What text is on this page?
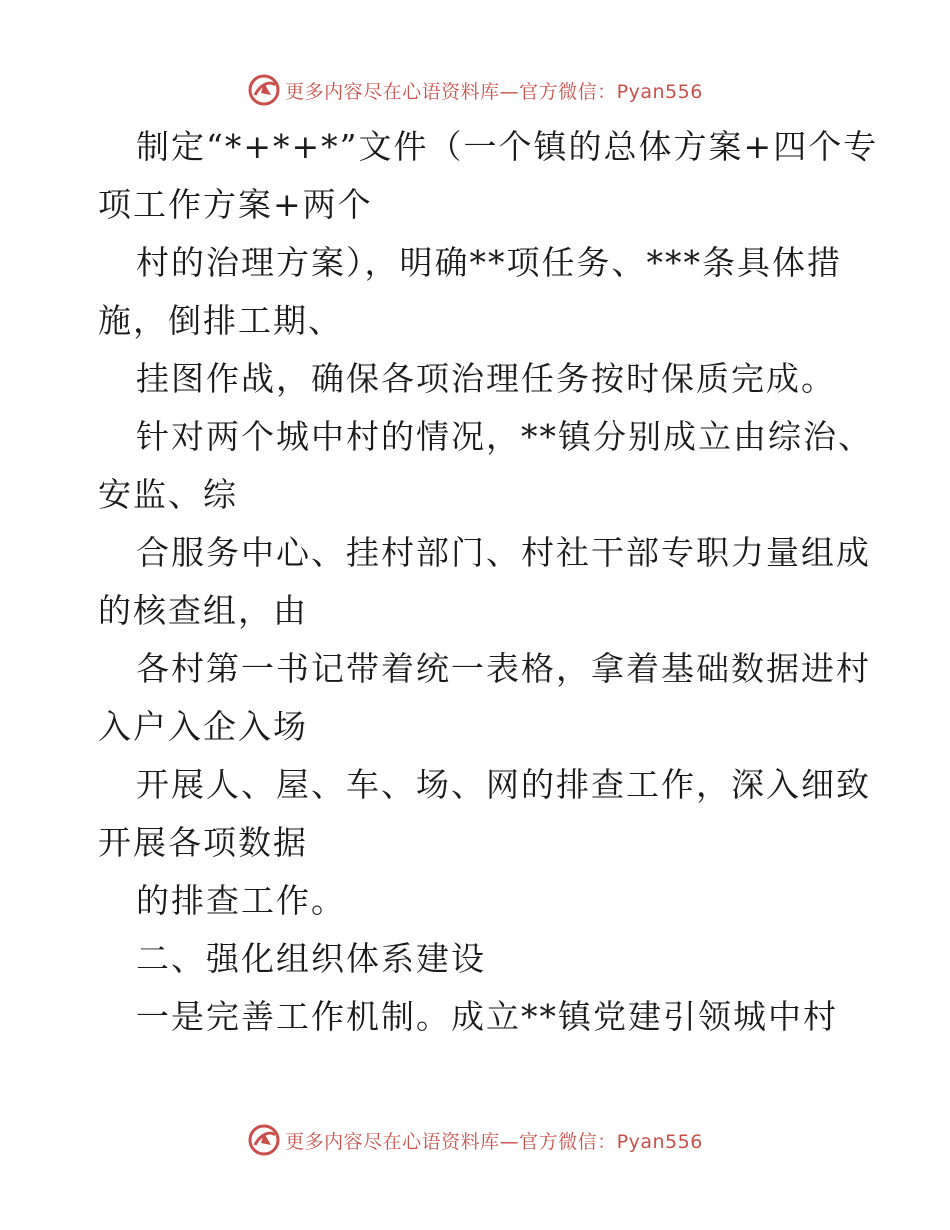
更多内容尽在心语资料库—官方微信：Pyan556
制定“*+*+*”文件（一个镇的总体方案+四个专
项工作方案+两个
村的治理方案），明确**项任务、***条具体措
施，倒排工期、
挂图作战，确保各项治理任务按时保质完成。
针对两个城中村的情况，**镇分别成立由综治、
安监、综
合服务中心、挂村部门、村社干部专职力量组成
的核查组，由
各村第一书记带着统一表格，拿着基础数据进村
入户入企入场
开展人、屋、车、场、网的排查工作，深入细致
开展各项数据
的排查工作。
二、强化组织体系建设
一是完善工作机制。成立**镇党建引领城中村
更多内容尽在心语资料库—官方微信：Pyan556
